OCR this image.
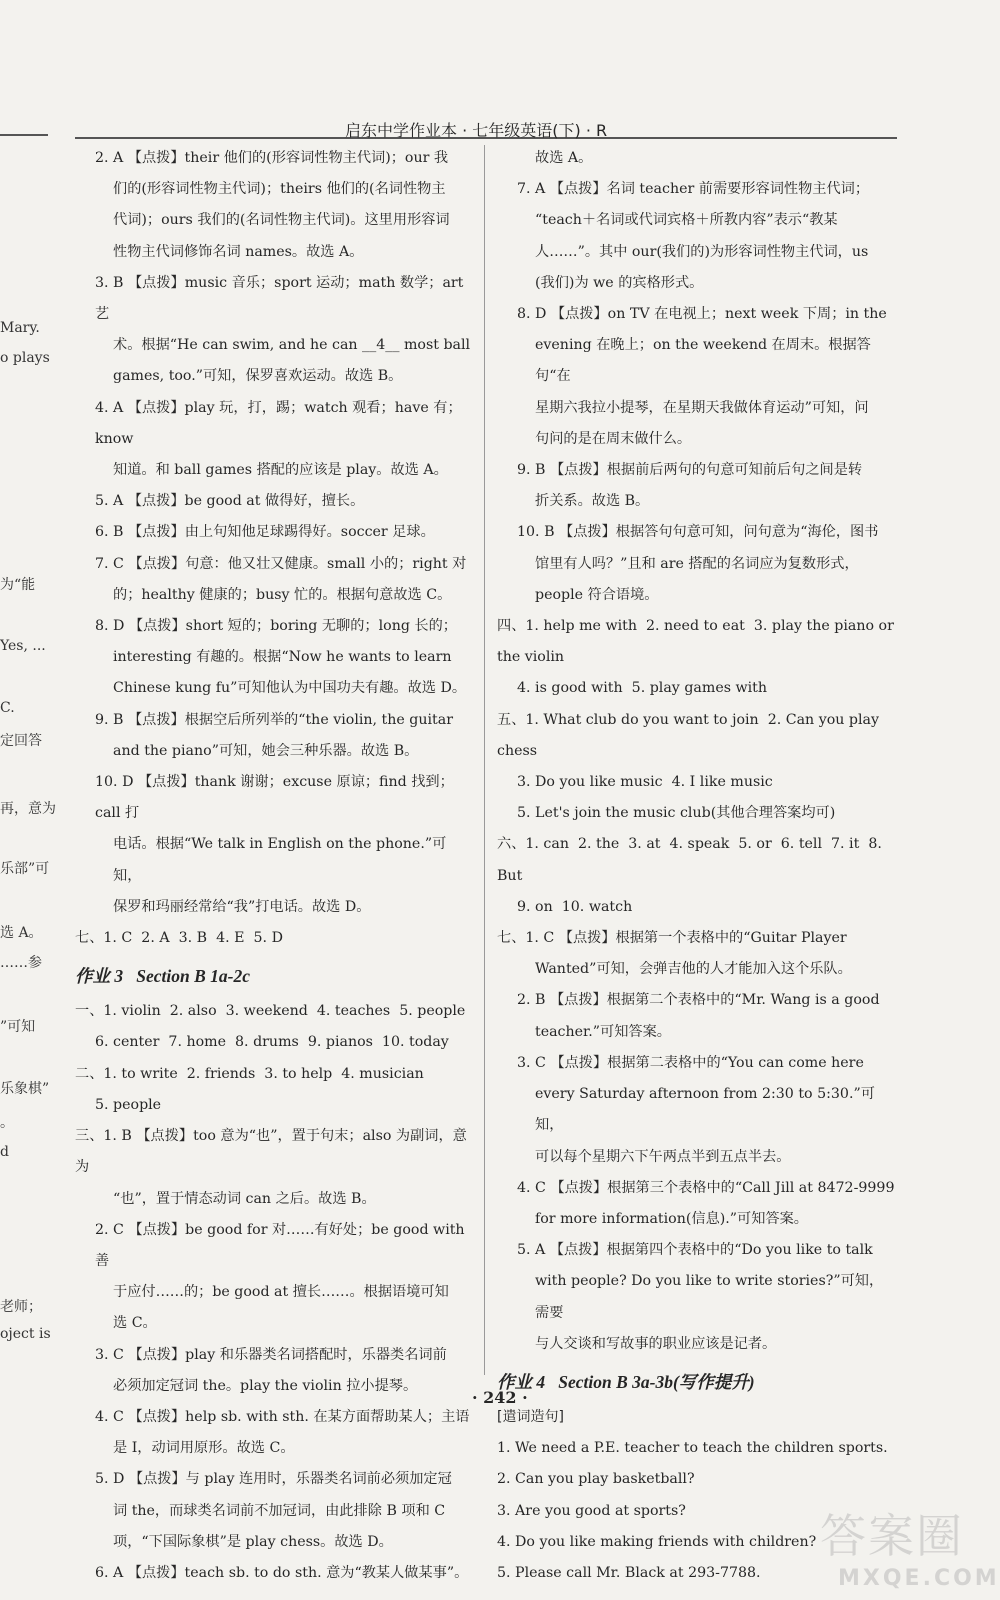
启东中学作业本 · 七年级英语(下) · R
Mary.
o plays
为“能
Yes, ...
C.
定回答
再，意为
乐部”可
选 A。
……参
”可知
乐象棋”
。
d
老师；
oject is
2. A 【点拨】their 他们的(形容词性物主代词)；our 我
们的(形容词性物主代词)；theirs 他们的(名词性物主
代词)；ours 我们的(名词性物主代词)。这里用形容词
性物主代词修饰名词 names。故选 A。
3. B 【点拨】music 音乐；sport 运动；math 数学；art 艺
术。根据“He can swim, and he can __4__ most ball
games, too.”可知，保罗喜欢运动。故选 B。
4. A 【点拨】play 玩，打，踢；watch 观看；have 有；know
知道。和 ball games 搭配的应该是 play。故选 A。
5. A 【点拨】be good at 做得好，擅长。
6. B 【点拨】由上句知他足球踢得好。soccer 足球。
7. C 【点拨】句意：他又壮又健康。small 小的；right 对
的；healthy 健康的；busy 忙的。根据句意故选 C。
8. D 【点拨】short 短的；boring 无聊的；long 长的；
interesting 有趣的。根据“Now he wants to learn
Chinese kung fu”可知他认为中国功夫有趣。故选 D。
9. B 【点拨】根据空后所列举的“the violin, the guitar
and the piano”可知，她会三种乐器。故选 B。
10. D 【点拨】thank 谢谢；excuse 原谅；find 找到；call 打
电话。根据“We talk in English on the phone.”可知，
保罗和玛丽经常给“我”打电话。故选 D。
七、1. C  2. A  3. B  4. E  5. D
作业 3   Section B 1a-2c
一、1. violin  2. also  3. weekend  4. teaches  5. people
6. center  7. home  8. drums  9. pianos  10. today
二、1. to write  2. friends  3. to help  4. musician
5. people
三、1. B 【点拨】too 意为“也”，置于句末；also 为副词，意为
“也”，置于情态动词 can 之后。故选 B。
2. C 【点拨】be good for 对……有好处；be good with 善
于应付……的；be good at 擅长……。根据语境可知
选 C。
3. C 【点拨】play 和乐器类名词搭配时，乐器类名词前
必须加定冠词 the。play the violin 拉小提琴。
4. C 【点拨】help sb. with sth. 在某方面帮助某人；主语
是 I，动词用原形。故选 C。
5. D 【点拨】与 play 连用时，乐器类名词前必须加定冠
词 the，而球类名词前不加冠词，由此排除 B 项和 C
项，“下国际象棋”是 play chess。故选 D。
6. A 【点拨】teach sb. to do sth. 意为“教某人做某事”。
故选 A。
7. A 【点拨】名词 teacher 前需要形容词性物主代词；
“teach＋名词或代词宾格＋所教内容”表示“教某
人……”。其中 our(我们的)为形容词性物主代词，us
(我们)为 we 的宾格形式。
8. D 【点拨】on TV 在电视上；next week 下周；in the
evening 在晚上；on the weekend 在周末。根据答句“在
星期六我拉小提琴，在星期天我做体育运动”可知，问
句问的是在周末做什么。
9. B 【点拨】根据前后两句的句意可知前后句之间是转
折关系。故选 B。
10. B 【点拨】根据答句句意可知，问句意为“海伦，图书
馆里有人吗？”且和 are 搭配的名词应为复数形式，
people 符合语境。
四、1. help me with  2. need to eat  3. play the piano or the violin
4. is good with  5. play games with
五、1. What club do you want to join  2. Can you play chess
3. Do you like music  4. I like music
5. Let's join the music club(其他合理答案均可)
六、1. can  2. the  3. at  4. speak  5. or  6. tell  7. it  8. But
9. on  10. watch
七、1. C 【点拨】根据第一个表格中的“Guitar Player
Wanted”可知，会弹吉他的人才能加入这个乐队。
2. B 【点拨】根据第二个表格中的“Mr. Wang is a good
teacher.”可知答案。
3. C 【点拨】根据第二表格中的“You can come here
every Saturday afternoon from 2:30 to 5:30.”可知，
可以每个星期六下午两点半到五点半去。
4. C 【点拨】根据第三个表格中的“Call Jill at 8472-9999
for more information(信息).”可知答案。
5. A 【点拨】根据第四个表格中的“Do you like to talk
with people? Do you like to write stories?”可知，需要
与人交谈和写故事的职业应该是记者。
作业 4   Section B 3a-3b(写作提升)
[遣词造句]
1. We need a P.E. teacher to teach the children sports.
2. Can you play basketball?
3. Are you good at sports?
4. Do you like making friends with children?
5. Please call Mr. Black at 293-7788.
· 242 ·
答案圈
MXQE.COM
